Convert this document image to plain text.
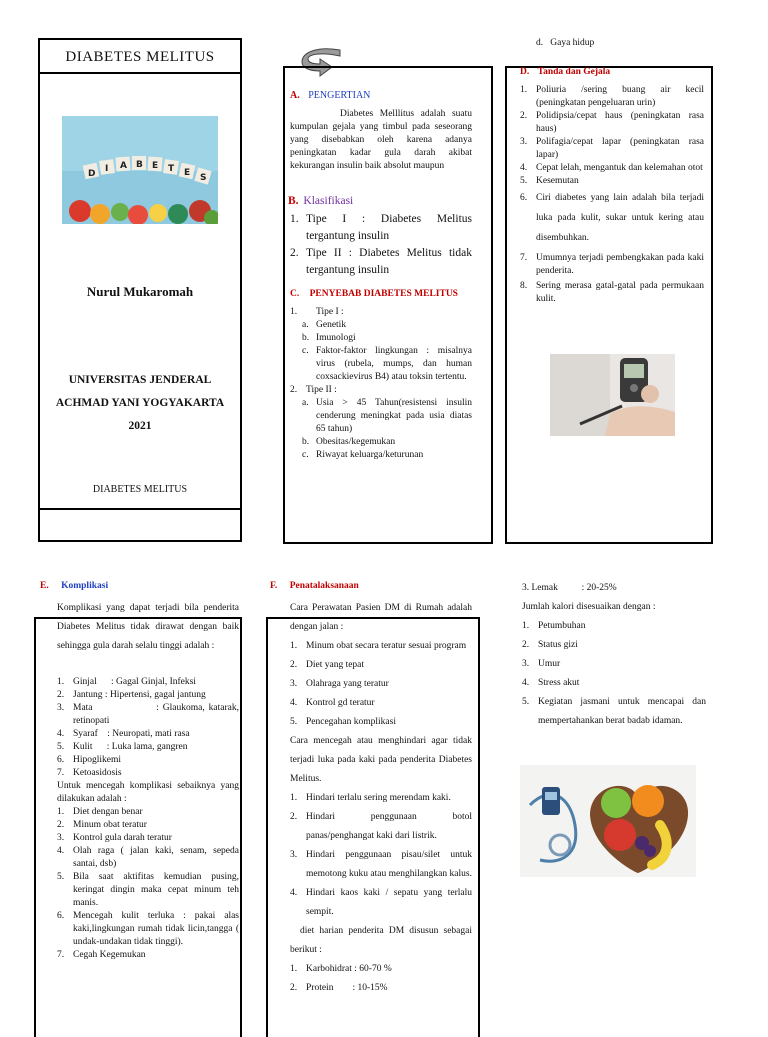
DIABETES MELITUS
D I A B E T E S
Nurul Mukaromah
UNIVERSITAS JENDERAL
ACHMAD YANI YOGYAKARTA
2021
DIABETES MELITUS
A. PENGERTIAN
Diabetes Melllitus adalah suatu kumpulan gejala yang timbul pada seseorang yang disebabkan oleh karena adanya peningkatan kadar gula darah akibat kekurangan insulin baik absolut maupun
B. Klasifikasi
1. Tipe I : Diabetes Melitus tergantung insulin
2. Tipe II : Diabetes Melitus tidak tergantung insulin
C. PENYEBAB DIABETES MELITUS
1.	Tipe I :
a. Genetik
b. Imunologi
c. Faktor-faktor lingkungan : misalnya virus (rubela, mumps, dan human coxsackievirus B4) atau toksin tertentu.
2. Tipe II :
a. Usia > 45 Tahun(resistensi insulin cenderung meningkat pada usia diatas 65 tahun)
b. Obesitas/kegemukan
c. Riwayat keluarga/keturunan
d.   Gaya hidup
D. Tanda dan Gejala
1. Poliuria /sering buang air kecil (peningkatan pengeluaran urin)
2. Polidipsia/cepat haus (peningkatan rasa haus)
3. Polifagia/cepat lapar (peningkatan rasa lapar)
4. Cepat lelah, mengantuk dan kelemahan otot
5. Kesemutan
6. Ciri diabetes yang lain adalah bila terjadi luka pada kulit, sukar untuk kering atau disembuhkan.
7. Umumnya terjadi pembengkakan pada kaki penderita.
8. Sering merasa gatal-gatal pada permukaan kulit.
E. Komplikasi
Komplikasi yang dapat terjadi bila penderita Diabetes Melitus tidak dirawat dengan baik sehingga gula darah selalu tinggi adalah :
1. Ginjal      : Gagal Ginjal, Infeksi
2. Jantung : Hipertensi, gagal jantung
3. Mata                : Glaukoma, katarak, retinopati
4. Syaraf    : Neuropati, mati rasa
5. Kulit      : Luka lama, gangren
6. Hipoglikemi
7. Ketoasidosis
Untuk mencegah komplikasi sebaiknya yang dilakukan adalah :
1. Diet dengan benar
2. Minum obat teratur
3. Kontrol gula darah teratur
4. Olah raga ( jalan kaki, senam, sepeda santai, dsb)
5. Bila saat aktifitas kemudian pusing, keringat dingin maka cepat minum teh manis.
6. Mencegah kulit terluka : pakai alas kaki,lingkungan rumah tidak licin,tangga ( undak-undakan tidak tinggi).
7. Cegah Kegemukan
F. Penatalaksanaan
Cara Perawatan Pasien DM di Rumah adalah dengan jalan :
1. Minum obat secara teratur sesuai program
2. Diet yang tepat
3. Olahraga yang teratur
4. Kontrol gd teratur
5. Pencegahan komplikasi
Cara mencegah atau menghindari agar tidak terjadi luka pada kaki pada penderita Diabetes Melitus.
1. Hindari terlalu sering merendam kaki.
2. Hindari penggunaan botol panas/penghangat kaki dari listrik.
3. Hindari penggunaan pisau/silet untuk memotong kuku atau menghilangkan kalus.
4. Hindari kaos kaki / sepatu yang terlalu sempit.
diet harian penderita DM disusun sebagai berikut :
1. Karbohidrat : 60-70 %
2. Protein        : 10-15%
3. Lemak          : 20-25%
Jumlah kalori disesuaikan dengan :
1. Petumbuhan
2. Status gizi
3. Umur
4. Stress akut
5. Kegiatan jasmani untuk mencapai dan mempertahankan berat badab idaman.
